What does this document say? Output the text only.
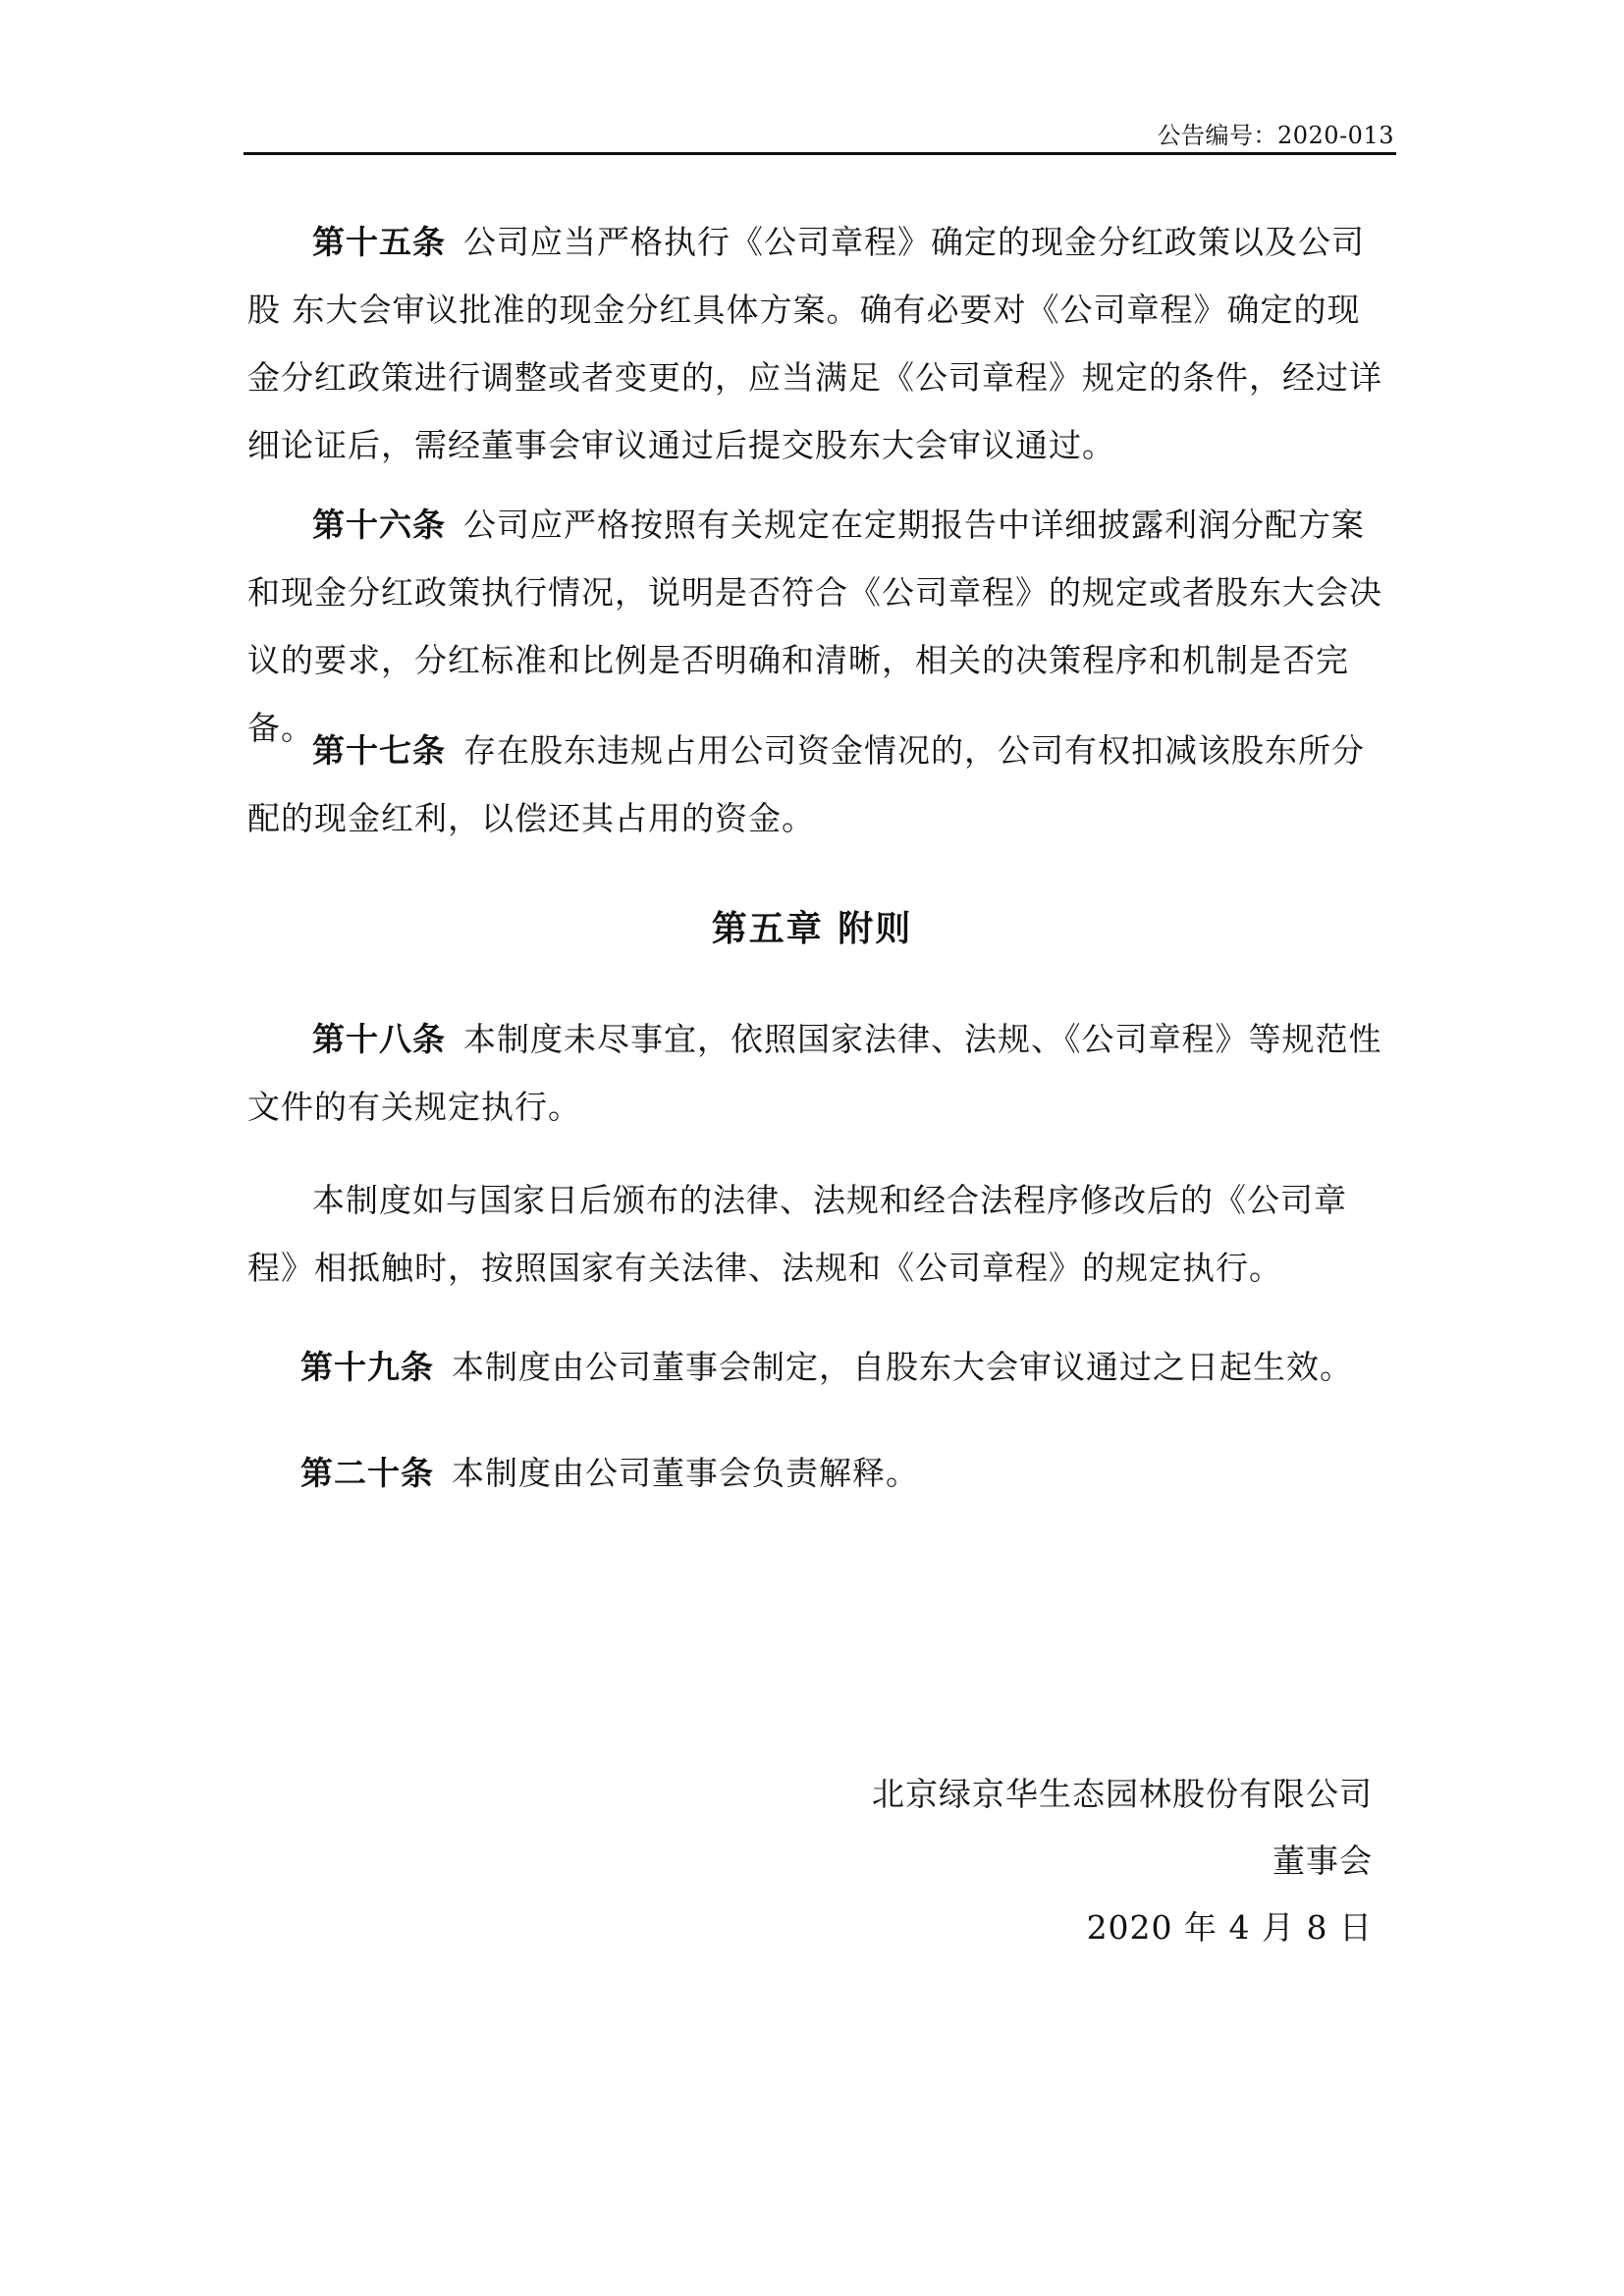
公告编号：2020-013

第十五条 公司应当严格执行《公司章程》确定的现金分红政策以及公司股 东大会审议批准的现金分红具体方案。确有必要对《公司章程》确定的现金分红政策进行调整或者变更的，应当满足《公司章程》规定的条件，经过详细论证后，需经董事会审议通过后提交股东大会审议通过。

第十六条 公司应严格按照有关规定在定期报告中详细披露利润分配方案和现金分红政策执行情况，说明是否符合《公司章程》的规定或者股东大会决议的要求，分红标准和比例是否明确和清晰，相关的决策程序和机制是否完备。

第十七条 存在股东违规占用公司资金情况的，公司有权扣减该股东所分配的现金红利，以偿还其占用的资金。

第五章 附则

第十八条 本制度未尽事宜，依照国家法律、法规、《公司章程》等规范性文件的有关规定执行。

本制度如与国家日后颁布的法律、法规和经合法程序修改后的《公司章程》相抵触时，按照国家有关法律、法规和《公司章程》的规定执行。

第十九条 本制度由公司董事会制定，自股东大会审议通过之日起生效。

第二十条 本制度由公司董事会负责解释。

北京绿京华生态园林股份有限公司
董事会
2020 年 4 月 8 日
